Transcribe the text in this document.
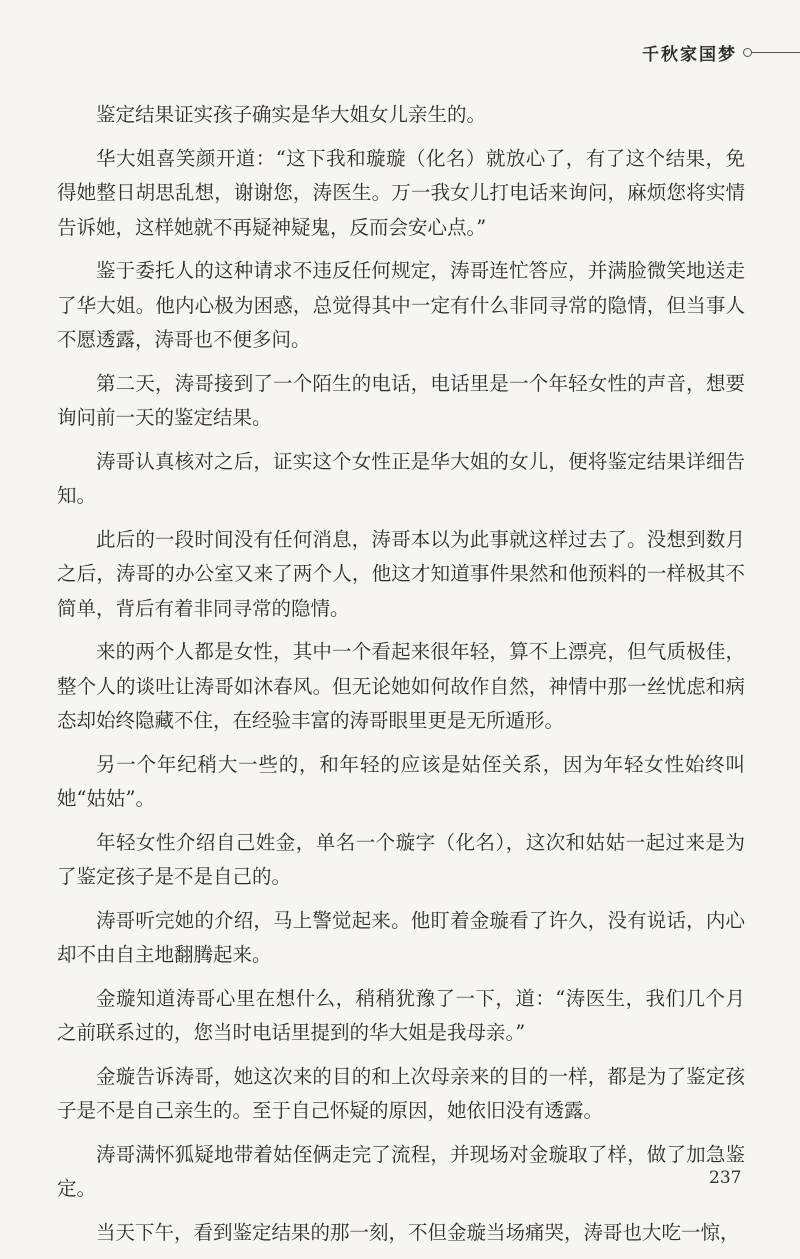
千秋家国梦

鉴定结果证实孩子确实是华大姐女儿亲生的。

华大姐喜笑颜开道：“这下我和璇璇（化名）就放心了，有了这个结果，免得她整日胡思乱想，谢谢您，涛医生。万一我女儿打电话来询问，麻烦您将实情告诉她，这样她就不再疑神疑鬼，反而会安心点。”

鉴于委托人的这种请求不违反任何规定，涛哥连忙答应，并满脸微笑地送走了华大姐。他内心极为困惑，总觉得其中一定有什么非同寻常的隐情，但当事人不愿透露，涛哥也不便多问。

第二天，涛哥接到了一个陌生的电话，电话里是一个年轻女性的声音，想要询问前一天的鉴定结果。

涛哥认真核对之后，证实这个女性正是华大姐的女儿，便将鉴定结果详细告知。

此后的一段时间没有任何消息，涛哥本以为此事就这样过去了。没想到数月之后，涛哥的办公室又来了两个人，他这才知道事件果然和他预料的一样极其不简单，背后有着非同寻常的隐情。

来的两个人都是女性，其中一个看起来很年轻，算不上漂亮，但气质极佳，整个人的谈吐让涛哥如沐春风。但无论她如何故作自然，神情中那一丝忧虑和病态却始终隐藏不住，在经验丰富的涛哥眼里更是无所遁形。

另一个年纪稍大一些的，和年轻的应该是姑侄关系，因为年轻女性始终叫她“姑姑”。

年轻女性介绍自己姓金，单名一个璇字（化名），这次和姑姑一起过来是为了鉴定孩子是不是自己的。

涛哥听完她的介绍，马上警觉起来。他盯着金璇看了许久，没有说话，内心却不由自主地翻腾起来。

金璇知道涛哥心里在想什么，稍稍犹豫了一下，道：“涛医生，我们几个月之前联系过的，您当时电话里提到的华大姐是我母亲。”

金璇告诉涛哥，她这次来的目的和上次母亲来的目的一样，都是为了鉴定孩子是不是自己亲生的。至于自己怀疑的原因，她依旧没有透露。

涛哥满怀狐疑地带着姑侄俩走完了流程，并现场对金璇取了样，做了加急鉴定。

当天下午，看到鉴定结果的那一刻，不但金璇当场痛哭，涛哥也大吃一惊，

237
